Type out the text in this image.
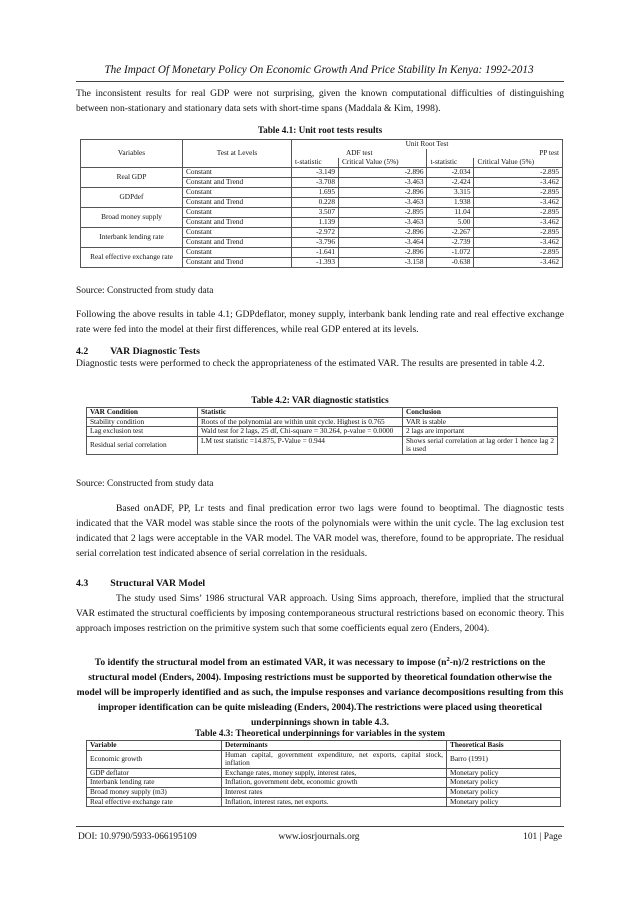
The Impact Of Monetary Policy On Economic Growth And Price Stability In Kenya: 1992-2013

The inconsistent results for real GDP were not surprising, given the known computational difficulties of distinguishing between non-stationary and stationary data sets with short-time spans (Maddala & Kim, 1998).

Table 4.1: Unit root tests results
Variables	Test at Levels	Unit Root Test			
		ADF test		PP test	
		t-statistic	Critical Value (5%)	t-statistic	Critical Value (5%)
Real GDP	Constant	-3.149	-2.896	-2.034	-2.895
	Constant and Trend	-3.708	-3.463	-2.424	-3.462
GDPdef	Constant	1.695	-2.896	3.315	-2.895
	Constant and Trend	0.228	-3.463	1.938	-3.462
Broad money supply	Constant	3.507	-2.895	11.04	-2.895
	Constant and Trend	1.139	-3.463	5.00	-3.462
Interbank lending rate	Constant	-2.972	-2.896	-2.267	-2.895
	Constant and Trend	-3.796	-3.464	-2.739	-3.462
Real effective exchange rate	Constant	-1.641	-2.896	-1.072	-2.895
	Constant and Trend	-1.393	-3.158	-0.638	-3.462
Source: Constructed from study data

Following the above results in table 4.1; GDPdeflator, money supply, interbank bank lending rate and real effective exchange rate were fed into the model at their first differences, while real GDP entered at its levels.

4.2 VAR Diagnostic Tests

Diagnostic tests were performed to check the appropriateness of the estimated VAR. The results are presented in table 4.2.

Table 4.2: VAR diagnostic statistics
VAR Condition	Statistic	Conclusion
Stability condition	Roots of the polynomial are within unit cycle. Highest is 0.765	VAR is stable
Lag exclusion test	Wald test for 2 lags, 25 df, Chi-square = 30.264, p-value = 0.0000	2 lags are important
Residual serial correlation	LM test statistic =14.875, P-Value = 0.944	Shows serial correlation at lag order 1 hence lag 2 is used
Source: Constructed from study data

Based onADF, PP, Lr tests and final predication error two lags were found to beoptimal. The diagnostic tests indicated that the VAR model was stable since the roots of the polynomials were within the unit cycle. The lag exclusion test indicated that 2 lags were acceptable in the VAR model. The VAR model was, therefore, found to be appropriate. The residual serial correlation test indicated absence of serial correlation in the residuals.

4.3 Structural VAR Model

The study used Sims’ 1986 structural VAR approach. Using Sims approach, therefore, implied that the structural VAR estimated the structural coefficients by imposing contemporaneous structural restrictions based on economic theory. This approach imposes restriction on the primitive system such that some coefficients equal zero (Enders, 2004).

To identify the structural model from an estimated VAR, it was necessary to impose $(n^2-n)/2$ restrictions on the structural model (Enders, 2004). Imposing restrictions must be supported by theoretical foundation otherwise the model will be improperly identified and as such, the impulse responses and variance decompositions resulting from this improper identification can be quite misleading (Enders, 2004).The restrictions were placed using theoretical underpinnings shown in table 4.3.
Table 4.3: Theoretical underpinnings for variables in the system
Variable	Determinants	Theoretical Basis
Economic growth	Human capital, government expenditure, net exports, capital stock, inflation	Barro (1991)
GDP deflator	Exchange rates, money supply, interest rates,	Monetary policy
Interbank lending rate	Inflation, government debt, economic growth	Monetary policy
Broad money supply (m3)	Interest rates	Monetary policy
Real effective exchange rate	Inflation, interest rates, net exports.	Monetary policy
DOI: 10.9790/5933-066195109	www.iosrjournals.org	101 | Page
